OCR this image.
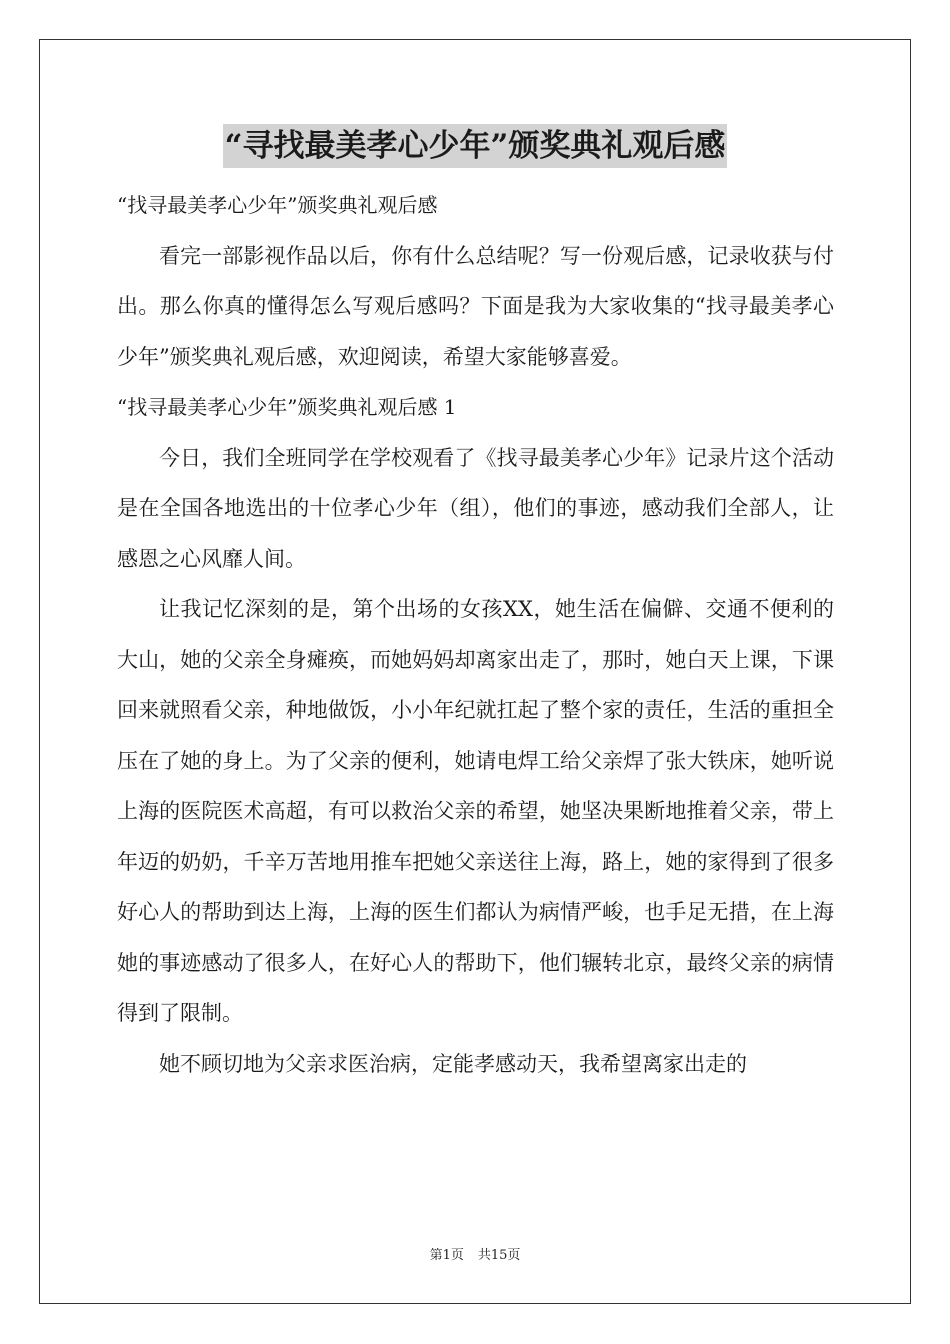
“寻找最美孝心少年”颁奖典礼观后感

“找寻最美孝心少年”颁奖典礼观后感

看完一部影视作品以后，你有什么总结呢？写一份观后感，记录收获与付出。那么你真的懂得怎么写观后感吗？下面是我为大家收集的“找寻最美孝心少年”颁奖典礼观后感，欢迎阅读，希望大家能够喜爱。

“找寻最美孝心少年”颁奖典礼观后感 1

今日，我们全班同学在学校观看了《找寻最美孝心少年》记录片这个活动是在全国各地选出的十位孝心少年（组），他们的事迹，感动我们全部人，让感恩之心风靡人间。

让我记忆深刻的是，第个出场的女孩XX，她生活在偏僻、交通不便利的大山，她的父亲全身瘫痪，而她妈妈却离家出走了，那时，她白天上课，下课回来就照看父亲，种地做饭，小小年纪就扛起了整个家的责任，生活的重担全压在了她的身上。为了父亲的便利，她请电焊工给父亲焊了张大铁床，她听说上海的医院医术高超，有可以救治父亲的希望，她坚决果断地推着父亲，带上年迈的奶奶，千辛万苦地用推车把她父亲送往上海，路上，她的家得到了很多好心人的帮助到达上海，上海的医生们都认为病情严峻，也手足无措，在上海她的事迹感动了很多人，在好心人的帮助下，他们辗转北京，最终父亲的病情得到了限制。

她不顾切地为父亲求医治病，定能孝感动天，我希望离家出走的

第1页 共15页
